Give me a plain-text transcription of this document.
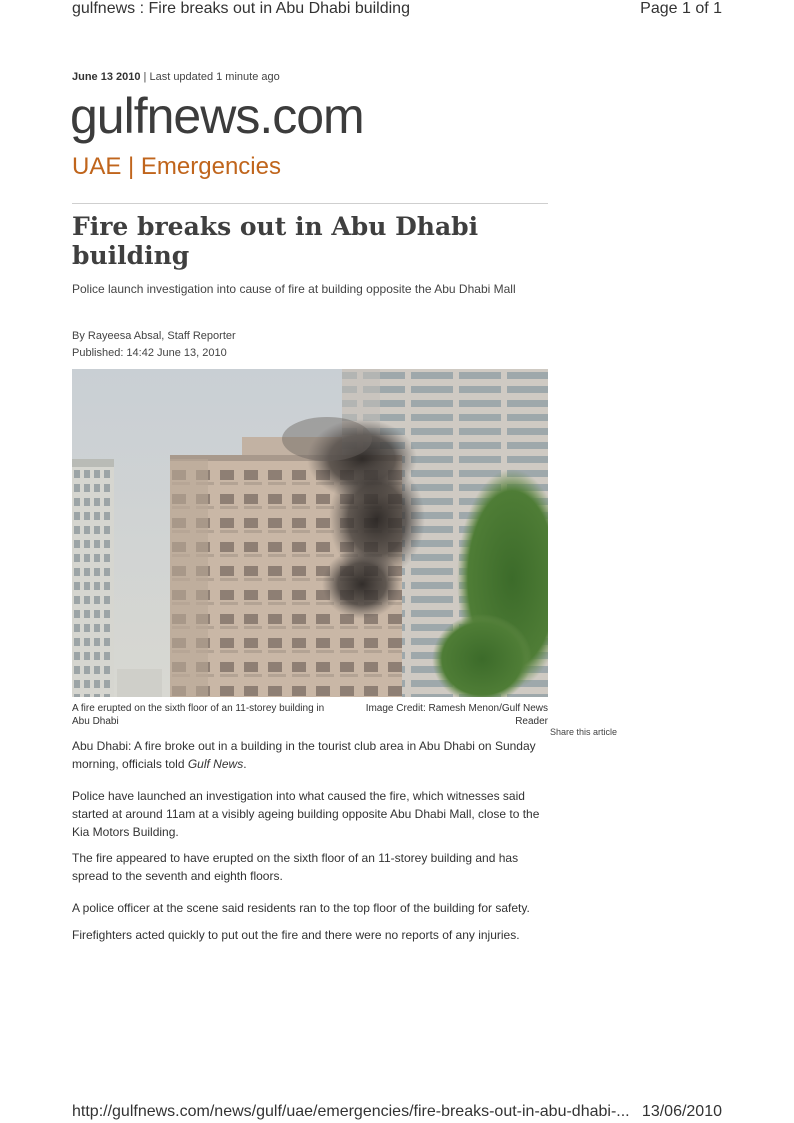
gulfnews : Fire breaks out in Abu Dhabi building	Page 1 of 1
June 13 2010 | Last updated 1 minute ago
gulfnews.com
UAE | Emergencies
Fire breaks out in Abu Dhabi building
Police launch investigation into cause of fire at building opposite the Abu Dhabi Mall
By Rayeesa Absal, Staff Reporter
Published: 14:42 June 13, 2010
A fire erupted on the sixth floor of an 11-storey building in Abu Dhabi
Image Credit: Ramesh Menon/Gulf News Reader
Share this article

Abu Dhabi: A fire broke out in a building in the tourist club area in Abu Dhabi on Sunday morning, officials told Gulf News.

Police have launched an investigation into what caused the fire, which witnesses said started at around 11am at a visibly ageing building opposite Abu Dhabi Mall, close to the Kia Motors Building.

The fire appeared to have erupted on the sixth floor of an 11-storey building and has spread to the seventh and eighth floors.

A police officer at the scene said residents ran to the top floor of the building for safety.

Firefighters acted quickly to put out the fire and there were no reports of any injuries.

http://gulfnews.com/news/gulf/uae/emergencies/fire-breaks-out-in-abu-dhabi-... 13/06/2010
